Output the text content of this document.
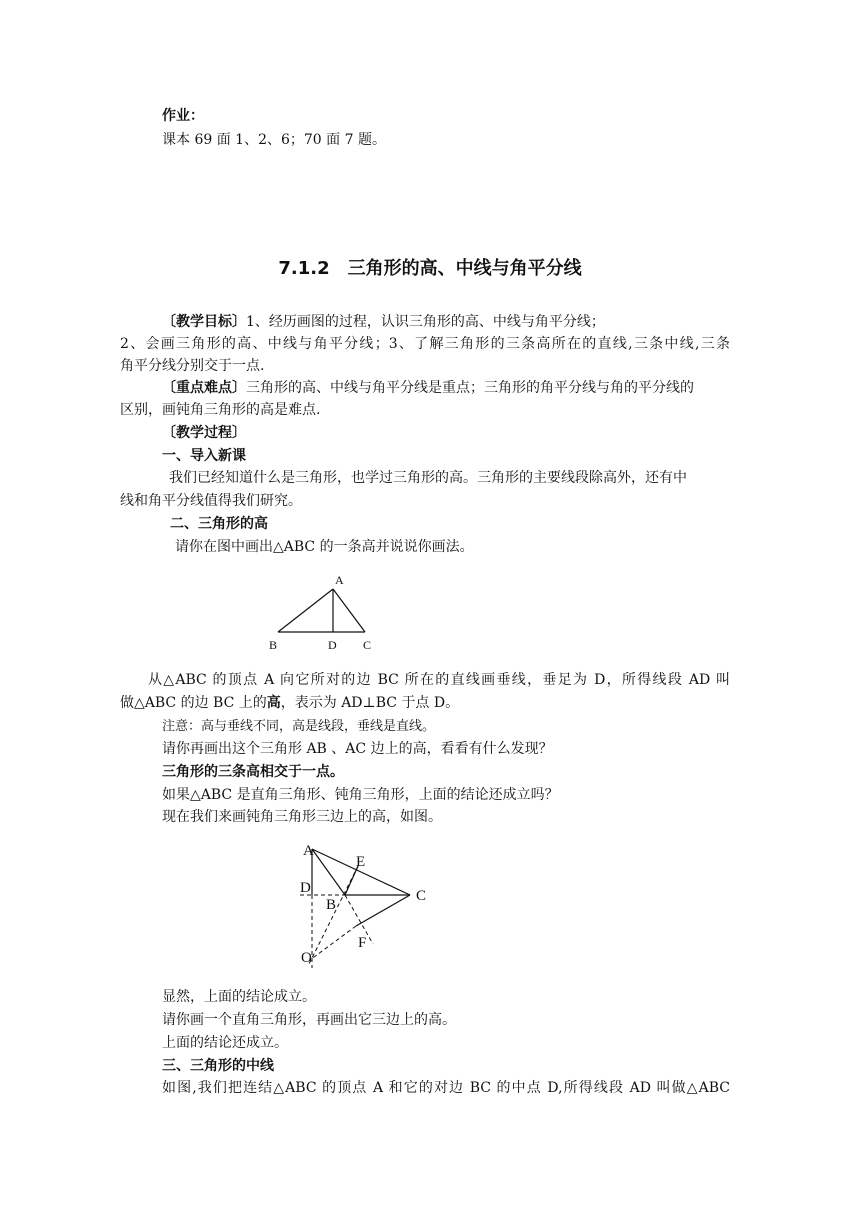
作业：
课本 69 面 1、2、6；70 面 7 题。
7.1.2　三角形的高、中线与角平分线
〔教学目标〕1、经历画图的过程，认识三角形的高、中线与角平分线；
2、会画三角形的高、中线与角平分线；3、了解三角形的三条高所在的直线,三条中线,三条
角平分线分别交于一点.
〔重点难点〕三角形的高、中线与角平分线是重点；三角形的角平分线与角的平分线的
区别，画钝角三角形的高是难点.
〔教学过程〕
一、导入新课
我们已经知道什么是三角形，也学过三角形的高。三角形的主要线段除高外，还有中
线和角平分线值得我们研究。
二、三角形的高
请你在图中画出△ABC 的一条高并说说你画法。
A
B	D C
从△ABC 的顶点 A 向它所对的边 BC 所在的直线画垂线，垂足为 D，所得线段 AD 叫
做△ABC 的边 BC 上的高，表示为 AD⊥BC 于点 D。
注意：高与垂线不同，高是线段，垂线是直线。
请你再画出这个三角形 AB 、AC 边上的高，看看有什么发现？
三角形的三条高相交于一点。
如果△ABC 是直角三角形、钝角三角形，上面的结论还成立吗？
现在我们来画钝角三角形三边上的高，如图。
A
E
D	C
B
F
O
显然，上面的结论成立。
请你画一个直角三角形，再画出它三边上的高。
上面的结论还成立。
三、三角形的中线
如图,我们把连结△ABC 的顶点 A 和它的对边 BC 的中点 D,所得线段 AD 叫做△ABC
